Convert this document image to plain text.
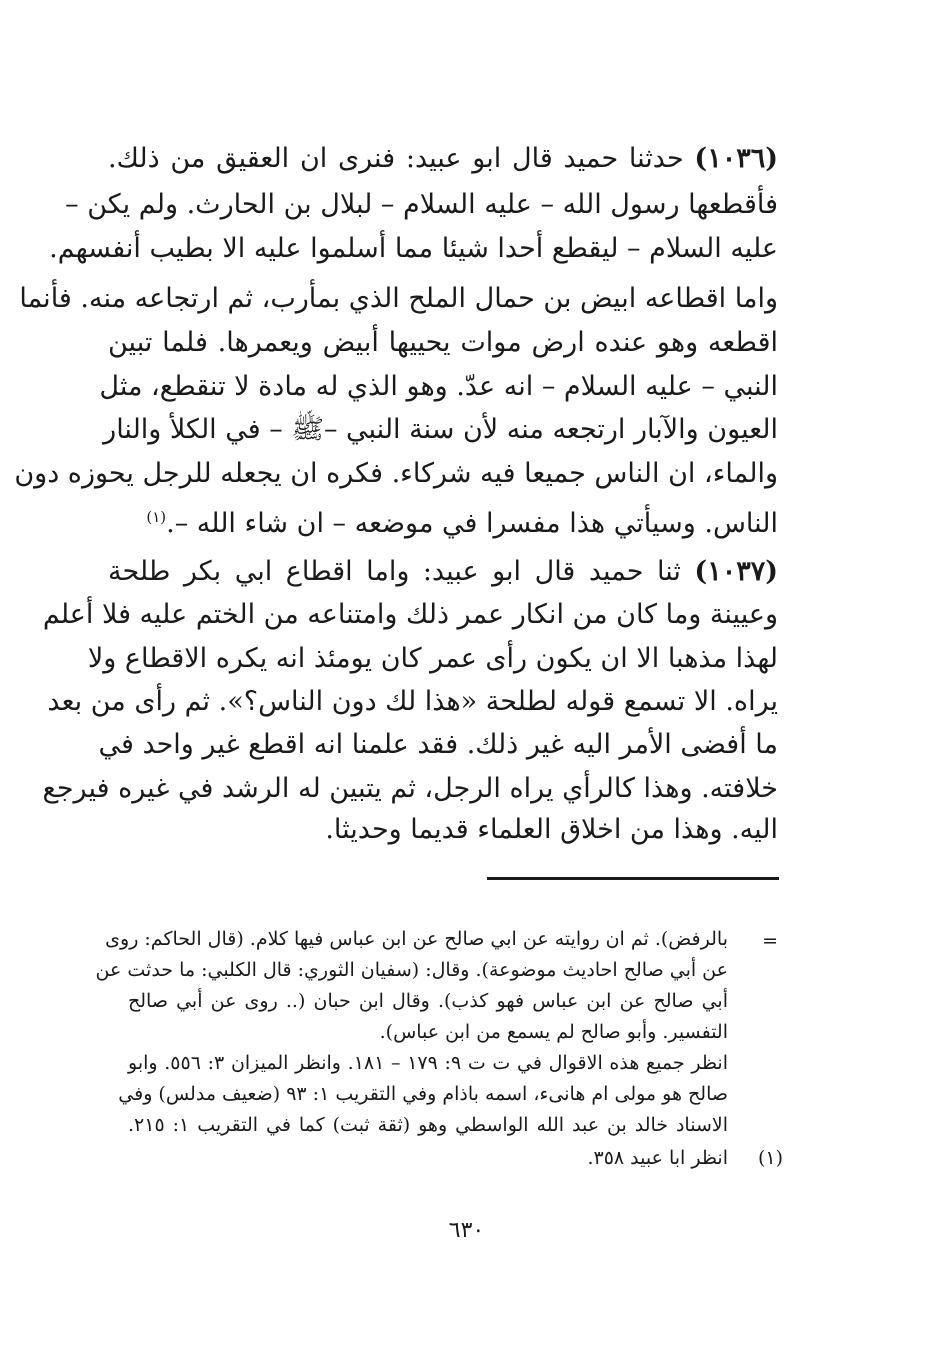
(١٠٣٦) حدثنا حميد قال ابو عبيد: فنرى ان العقيق من ذلك.
فأقطعها رسول الله – عليه السلام – لبلال بن الحارث. ولم يكن –
عليه السلام – ليقطع أحدا شيئا مما أسلموا عليه الا بطيب أنفسهم.
واما اقطاعه ابيض بن حمال الملح الذي بمأرب، ثم ارتجاعه منه. فأنما
اقطعه وهو عنده ارض موات يحييها أبيض ويعمرها. فلما تبين
النبي – عليه السلام – انه عدّ. وهو الذي له مادة لا تنقطع، مثل
العيون والآبار ارتجعه منه لأن سنة النبي –ﷺ – في الكلأ والنار
والماء، ان الناس جميعا فيه شركاء. فكره ان يجعله للرجل يحوزه دون
الناس. وسيأتي هذا مفسرا في موضعه – ان شاء الله –.$^{(١)}$
(١٠٣٧) ثنا حميد قال ابو عبيد: واما اقطاع ابي بكر طلحة
وعيينة وما كان من انكار عمر ذلك وامتناعه من الختم عليه فلا أعلم
لهذا مذهبا الا ان يكون رأى عمر كان يومئذ انه يكره الاقطاع ولا
يراه. الا تسمع قوله لطلحة «هذا لك دون الناس؟». ثم رأى من بعد
ما أفضى الأمر اليه غير ذلك. فقد علمنا انه اقطع غير واحد في
خلافته. وهذا كالرأي يراه الرجل، ثم يتبين له الرشد في غيره فيرجع
اليه. وهذا من اخلاق العلماء قديما وحديثا.
=
بالرفض). ثم ان روايته عن ابي صالح عن ابن عباس فيها كلام. (قال الحاكم: روى
عن أبي صالح احاديث موضوعة). وقال: (سفيان الثوري: قال الكلبي: ما حدثت عن
أبي صالح عن ابن عباس فهو كذب). وقال ابن حبان (.. روى عن أبي صالح
التفسير. وأبو صالح لم يسمع من ابن عباس).
انظر جميع هذه الاقوال في ت ت ٩: ١٧٩ – ١٨١. وانظر الميزان ٣: ٥٥٦. وابو
صالح هو مولى ام هانىء، اسمه باذام وفي التقريب ١: ٩٣ (ضعيف مدلس) وفي
الاسناد خالد بن عبد الله الواسطي وهو (ثقة ثبت) كما في التقريب ١: ٢١٥.
(١)
انظر ابا عبيد ٣٥٨.
٦٣٠
